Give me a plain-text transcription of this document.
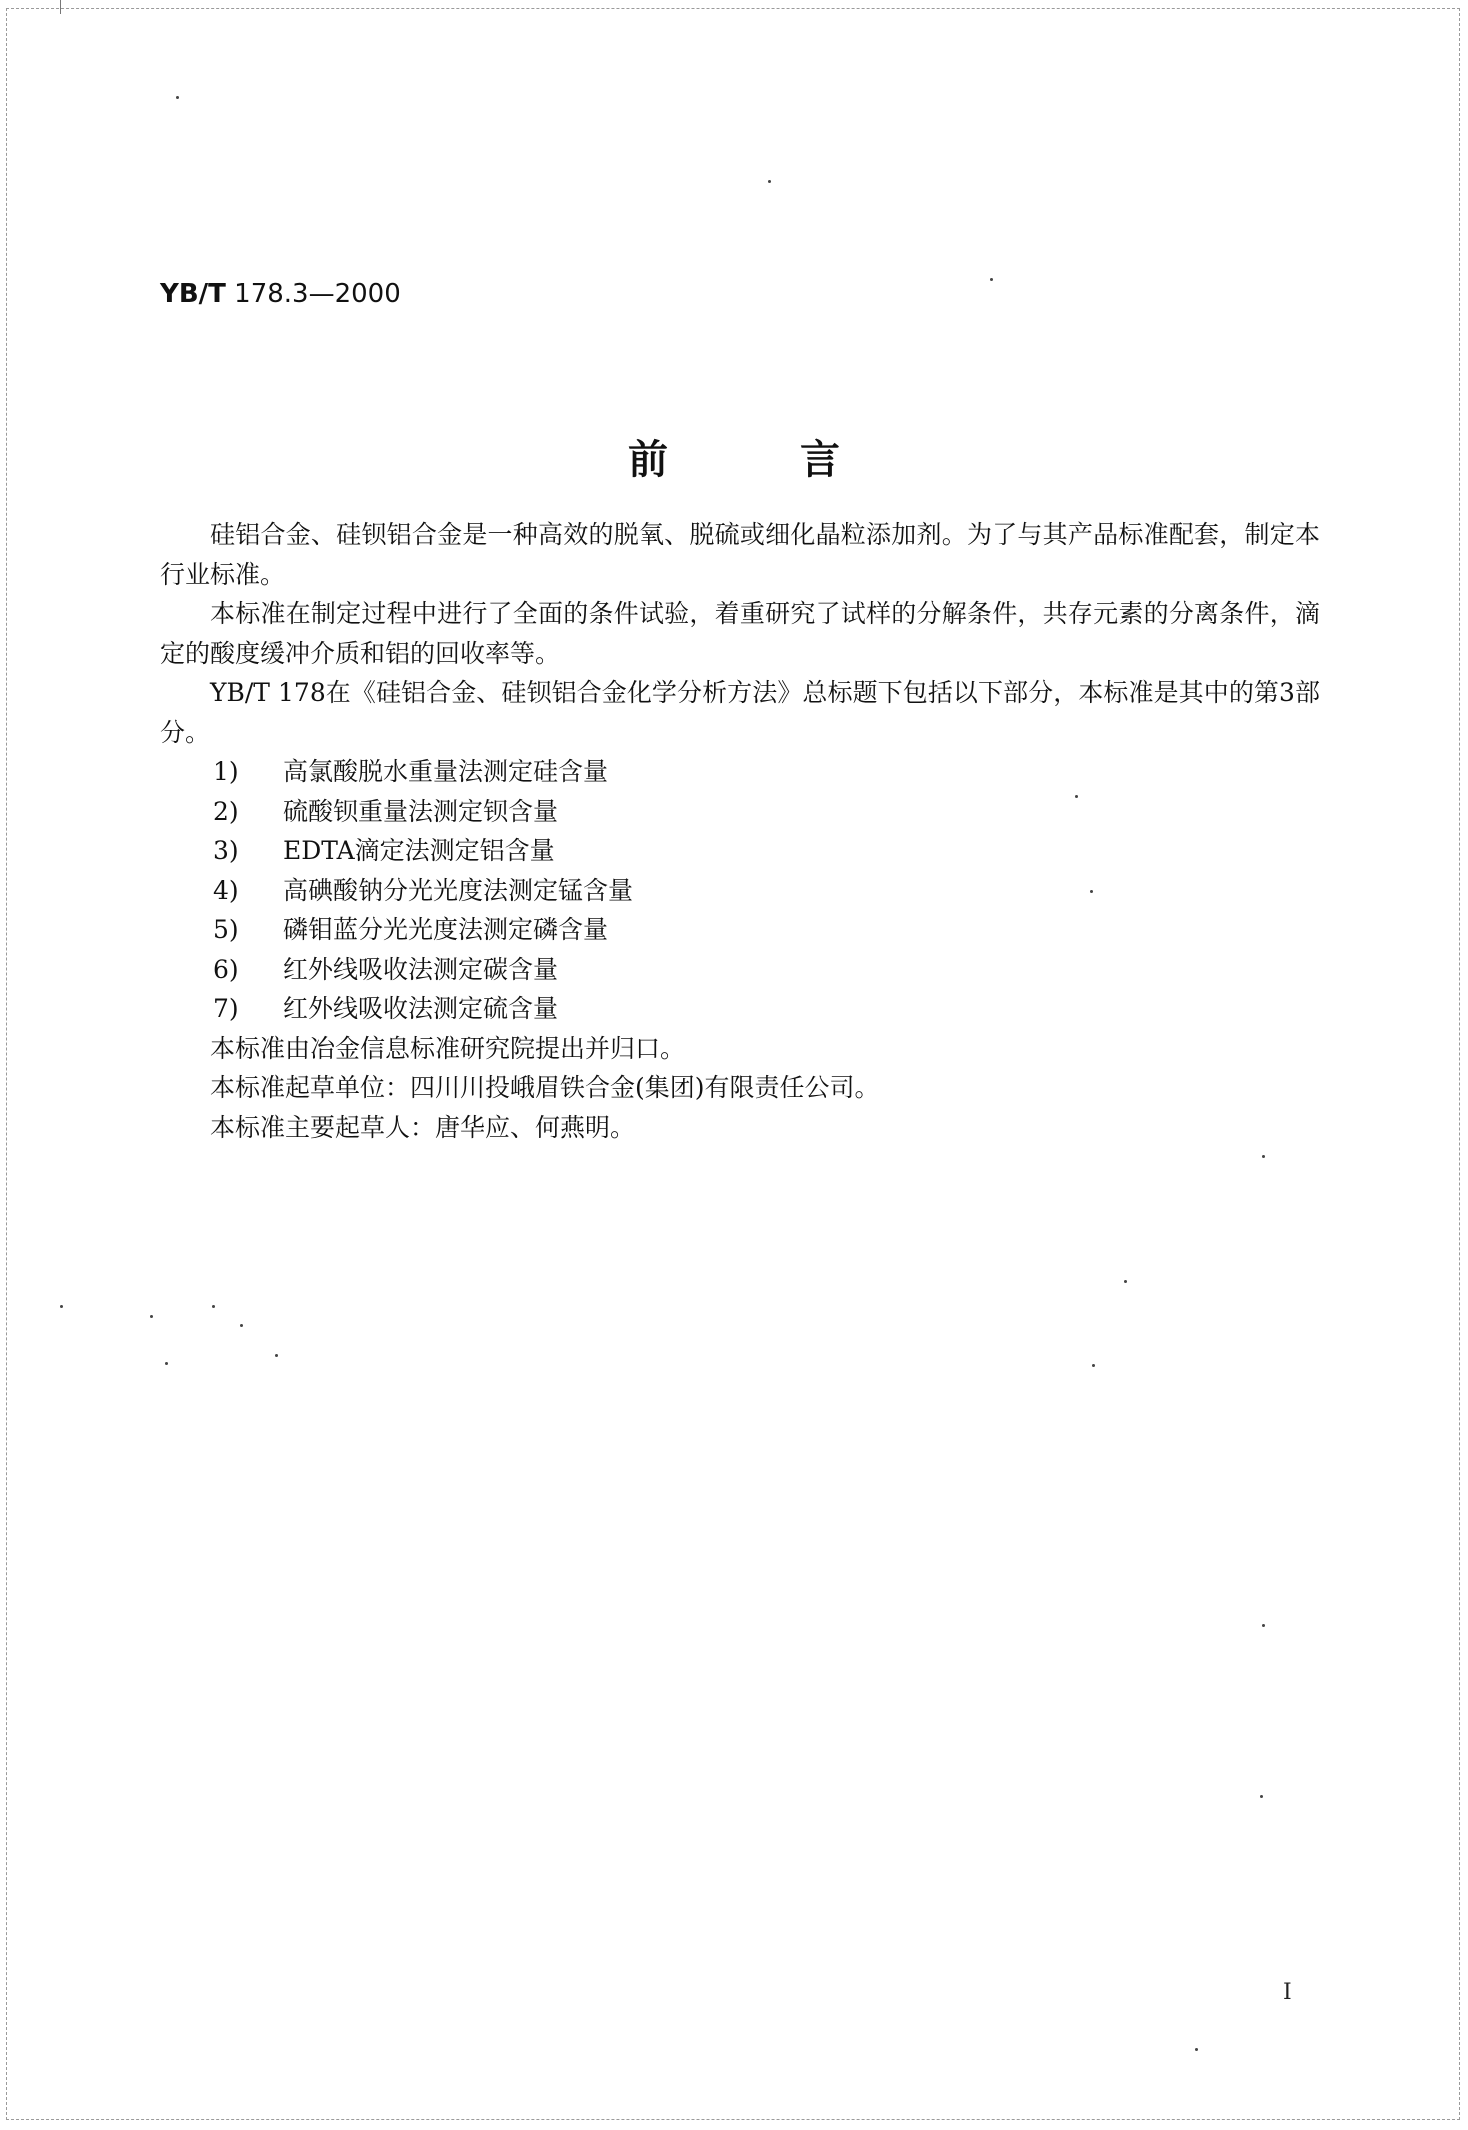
YB/T 178.3—2000
前言

硅铝合金、硅钡铝合金是一种高效的脱氧、脱硫或细化晶粒添加剂。为了与其产品标准配套，制定本行业标准。

本标准在制定过程中进行了全面的条件试验，着重研究了试样的分解条件，共存元素的分离条件，滴定的酸度缓冲介质和铝的回收率等。

YB/T 178在《硅铝合金、硅钡铝合金化学分析方法》总标题下包括以下部分，本标准是其中的第3部分。

1)	高氯酸脱水重量法测定硅含量
2)	硫酸钡重量法测定钡含量
3)	EDTA滴定法测定铝含量
4)	高碘酸钠分光光度法测定锰含量
5)	磷钼蓝分光光度法测定磷含量
6)	红外线吸收法测定碳含量
7)	红外线吸收法测定硫含量

本标准由冶金信息标准研究院提出并归口。

本标准起草单位：四川川投峨眉铁合金(集团)有限责任公司。

本标准主要起草人：唐华应、何燕明。

I
